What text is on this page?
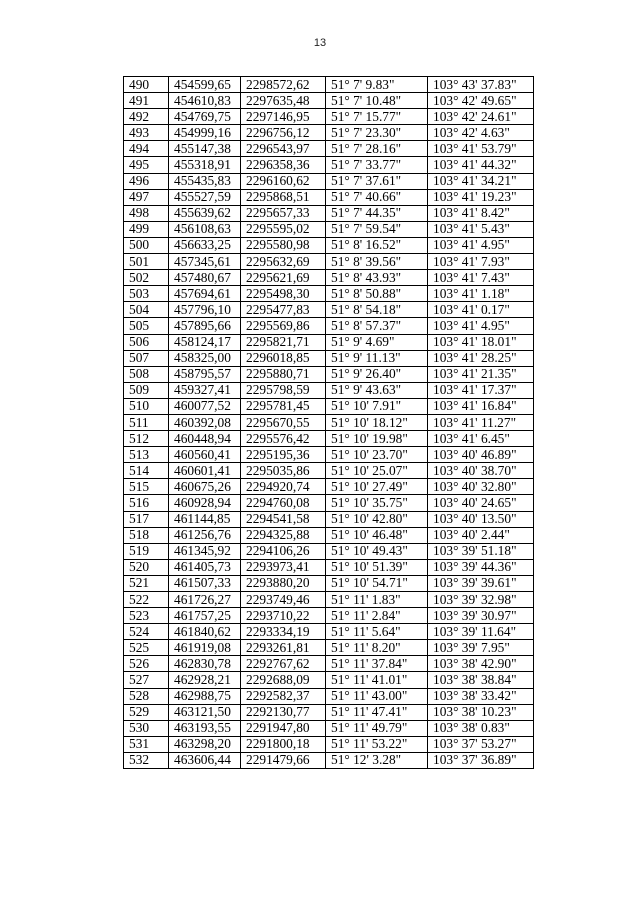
13
490	454599,65	2298572,62	51° 7' 9.83"	103° 43' 37.83"
491	454610,83	2297635,48	51° 7' 10.48"	103° 42' 49.65"
492	454769,75	2297146,95	51° 7' 15.77"	103° 42' 24.61"
493	454999,16	2296756,12	51° 7' 23.30"	103° 42' 4.63"
494	455147,38	2296543,97	51° 7' 28.16"	103° 41' 53.79"
495	455318,91	2296358,36	51° 7' 33.77"	103° 41' 44.32"
496	455435,83	2296160,62	51° 7' 37.61"	103° 41' 34.21"
497	455527,59	2295868,51	51° 7' 40.66"	103° 41' 19.23"
498	455639,62	2295657,33	51° 7' 44.35"	103° 41' 8.42"
499	456108,63	2295595,02	51° 7' 59.54"	103° 41' 5.43"
500	456633,25	2295580,98	51° 8' 16.52"	103° 41' 4.95"
501	457345,61	2295632,69	51° 8' 39.56"	103° 41' 7.93"
502	457480,67	2295621,69	51° 8' 43.93"	103° 41' 7.43"
503	457694,61	2295498,30	51° 8' 50.88"	103° 41' 1.18"
504	457796,10	2295477,83	51° 8' 54.18"	103° 41' 0.17"
505	457895,66	2295569,86	51° 8' 57.37"	103° 41' 4.95"
506	458124,17	2295821,71	51° 9' 4.69"	103° 41' 18.01"
507	458325,00	2296018,85	51° 9' 11.13"	103° 41' 28.25"
508	458795,57	2295880,71	51° 9' 26.40"	103° 41' 21.35"
509	459327,41	2295798,59	51° 9' 43.63"	103° 41' 17.37"
510	460077,52	2295781,45	51° 10' 7.91"	103° 41' 16.84"
511	460392,08	2295670,55	51° 10' 18.12"	103° 41' 11.27"
512	460448,94	2295576,42	51° 10' 19.98"	103° 41' 6.45"
513	460560,41	2295195,36	51° 10' 23.70"	103° 40' 46.89"
514	460601,41	2295035,86	51° 10' 25.07"	103° 40' 38.70"
515	460675,26	2294920,74	51° 10' 27.49"	103° 40' 32.80"
516	460928,94	2294760,08	51° 10' 35.75"	103° 40' 24.65"
517	461144,85	2294541,58	51° 10' 42.80"	103° 40' 13.50"
518	461256,76	2294325,88	51° 10' 46.48"	103° 40' 2.44"
519	461345,92	2294106,26	51° 10' 49.43"	103° 39' 51.18"
520	461405,73	2293973,41	51° 10' 51.39"	103° 39' 44.36"
521	461507,33	2293880,20	51° 10' 54.71"	103° 39' 39.61"
522	461726,27	2293749,46	51° 11' 1.83"	103° 39' 32.98"
523	461757,25	2293710,22	51° 11' 2.84"	103° 39' 30.97"
524	461840,62	2293334,19	51° 11' 5.64"	103° 39' 11.64"
525	461919,08	2293261,81	51° 11' 8.20"	103° 39' 7.95"
526	462830,78	2292767,62	51° 11' 37.84"	103° 38' 42.90"
527	462928,21	2292688,09	51° 11' 41.01"	103° 38' 38.84"
528	462988,75	2292582,37	51° 11' 43.00"	103° 38' 33.42"
529	463121,50	2292130,77	51° 11' 47.41"	103° 38' 10.23"
530	463193,55	2291947,80	51° 11' 49.79"	103° 38' 0.83"
531	463298,20	2291800,18	51° 11' 53.22"	103° 37' 53.27"
532	463606,44	2291479,66	51° 12' 3.28"	103° 37' 36.89"
